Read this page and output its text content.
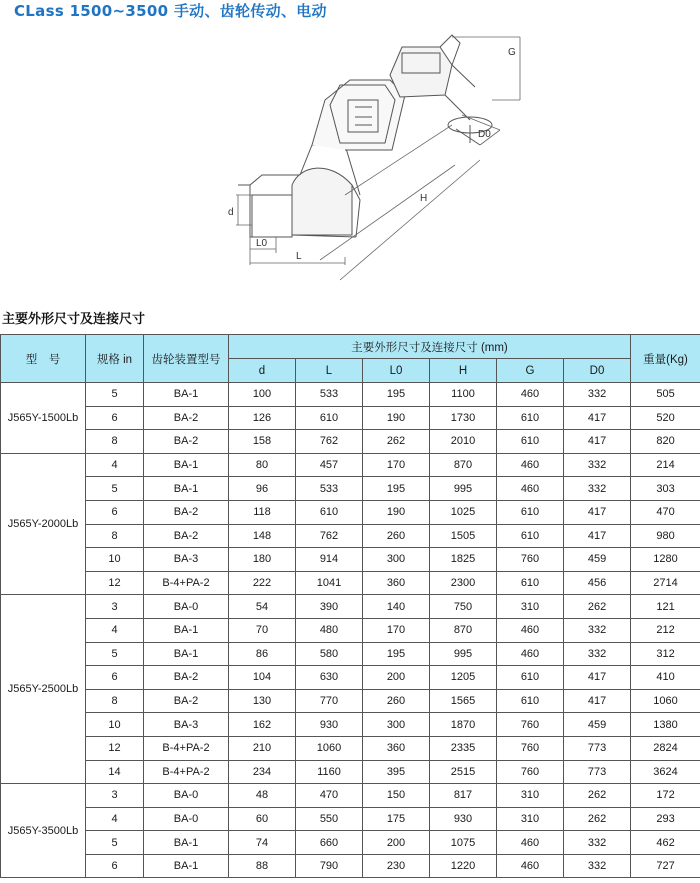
CLass 1500~3500 手动、齿轮传动、电动
G
D0
H
d
L0
L
主要外形尺寸及连接尺寸
型　号	规格 in	齿轮装置型号	主要外形尺寸及连接尺寸 (mm)						重量(Kg)
			d	L	L0	H	G	D0	
J565Y-1500Lb	5	BA-1	100	533	195	1100	460	332	505
	6	BA-2	126	610	190	1730	610	417	520
	8	BA-2	158	762	262	2010	610	417	820
J565Y-2000Lb	4	BA-1	80	457	170	870	460	332	214
	5	BA-1	96	533	195	995	460	332	303
	6	BA-2	118	610	190	1025	610	417	470
	8	BA-2	148	762	260	1505	610	417	980
	10	BA-3	180	914	300	1825	760	459	1280
	12	B-4+PA-2	222	1041	360	2300	610	456	2714
J565Y-2500Lb	3	BA-0	54	390	140	750	310	262	121
	4	BA-1	70	480	170	870	460	332	212
	5	BA-1	86	580	195	995	460	332	312
	6	BA-2	104	630	200	1205	610	417	410
	8	BA-2	130	770	260	1565	610	417	1060
	10	BA-3	162	930	300	1870	760	459	1380
	12	B-4+PA-2	210	1060	360	2335	760	773	2824
	14	B-4+PA-2	234	1160	395	2515	760	773	3624
J565Y-3500Lb	3	BA-0	48	470	150	817	310	262	172
	4	BA-0	60	550	175	930	310	262	293
	5	BA-1	74	660	200	1075	460	332	462
	6	BA-1	88	790	230	1220	460	332	727
